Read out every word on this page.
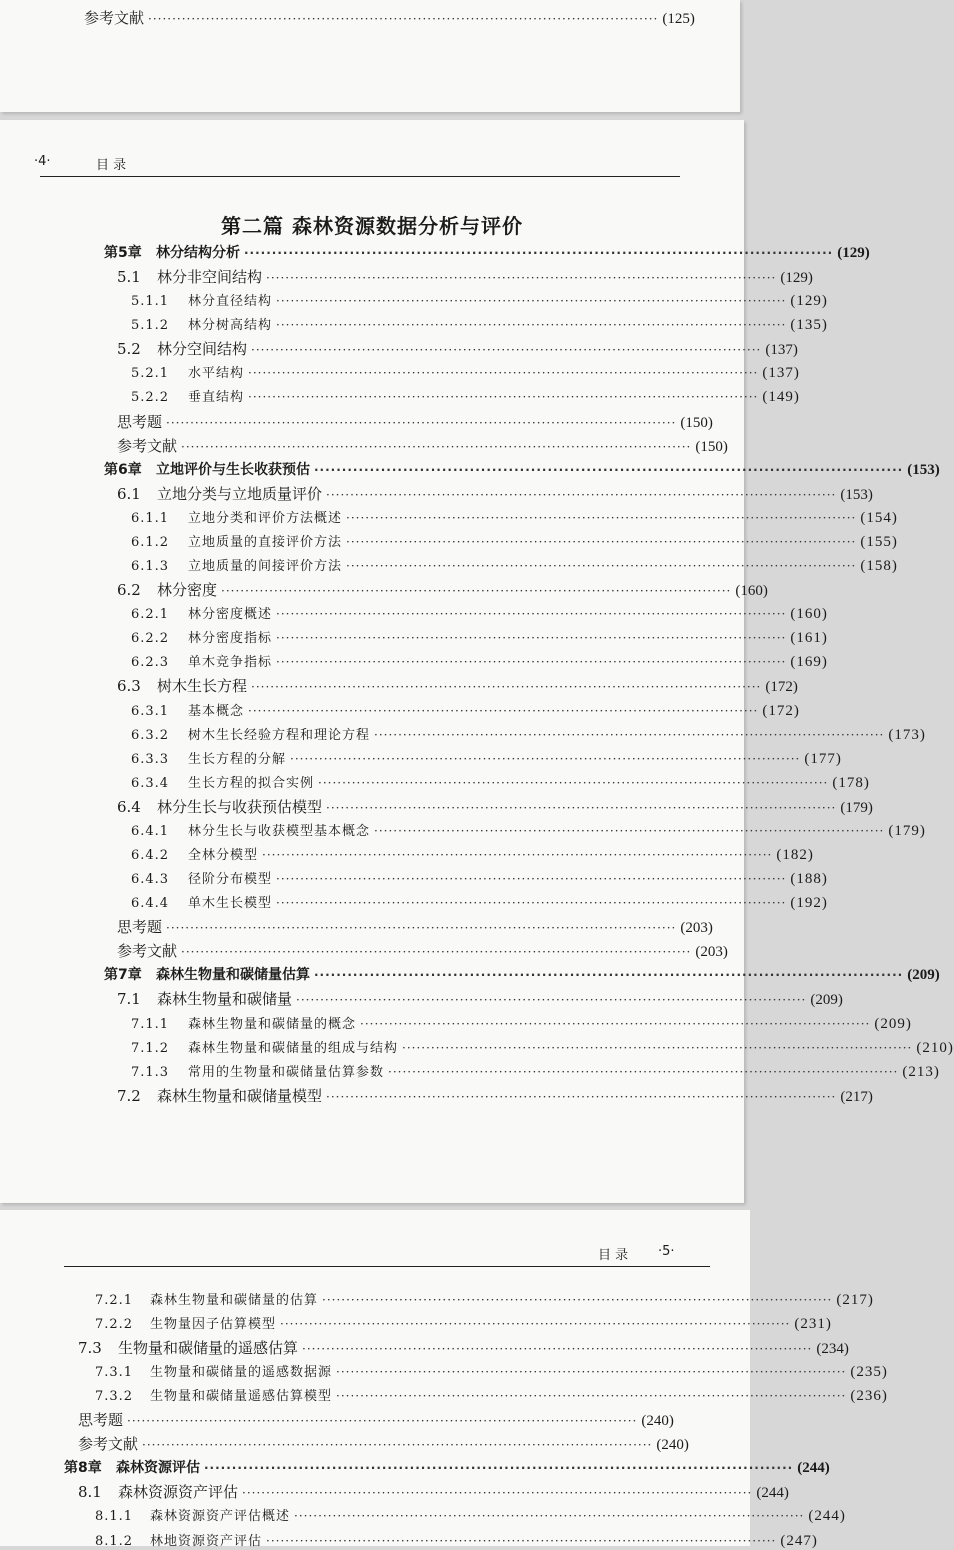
参考文献 ·········································································································· (125)
·4·	目 录
第二篇 森林资源数据分析与评价
第5章	林分结构分析 ·········································································································· (129)
5.1	林分非空间结构 ·········································································································· (129)
5.1.1	林分直径结构 ·········································································································· (129)
5.1.2	林分树高结构 ·········································································································· (135)
5.2	林分空间结构 ·········································································································· (137)
5.2.1	水平结构 ·········································································································· (137)
5.2.2	垂直结构 ·········································································································· (149)
思考题 ·········································································································· (150)
参考文献 ·········································································································· (150)
第6章	立地评价与生长收获预估 ·········································································································· (153)
6.1	立地分类与立地质量评价 ·········································································································· (153)
6.1.1	立地分类和评价方法概述 ·········································································································· (154)
6.1.2	立地质量的直接评价方法 ·········································································································· (155)
6.1.3	立地质量的间接评价方法 ·········································································································· (158)
6.2	林分密度 ·········································································································· (160)
6.2.1	林分密度概述 ·········································································································· (160)
6.2.2	林分密度指标 ·········································································································· (161)
6.2.3	单木竞争指标 ·········································································································· (169)
6.3	树木生长方程 ·········································································································· (172)
6.3.1	基本概念 ·········································································································· (172)
6.3.2	树木生长经验方程和理论方程 ·········································································································· (173)
6.3.3	生长方程的分解 ·········································································································· (177)
6.3.4	生长方程的拟合实例 ·········································································································· (178)
6.4	林分生长与收获预估模型 ·········································································································· (179)
6.4.1	林分生长与收获模型基本概念 ·········································································································· (179)
6.4.2	全林分模型 ·········································································································· (182)
6.4.3	径阶分布模型 ·········································································································· (188)
6.4.4	单木生长模型 ·········································································································· (192)
思考题 ·········································································································· (203)
参考文献 ·········································································································· (203)
第7章	森林生物量和碳储量估算 ·········································································································· (209)
7.1	森林生物量和碳储量 ·········································································································· (209)
7.1.1	森林生物量和碳储量的概念 ·········································································································· (209)
7.1.2	森林生物量和碳储量的组成与结构 ·········································································································· (210)
7.1.3	常用的生物量和碳储量估算参数 ·········································································································· (213)
7.2	森林生物量和碳储量模型 ·········································································································· (217)
目 录 ·5·
7.2.1	森林生物量和碳储量的估算 ·········································································································· (217)
7.2.2	生物量因子估算模型 ·········································································································· (231)
7.3	生物量和碳储量的遥感估算 ·········································································································· (234)
7.3.1	生物量和碳储量的遥感数据源 ·········································································································· (235)
7.3.2	生物量和碳储量遥感估算模型 ·········································································································· (236)
思考题 ·········································································································· (240)
参考文献 ·········································································································· (240)
第8章	森林资源评估 ·········································································································· (244)
8.1	森林资源资产评估 ·········································································································· (244)
8.1.1	森林资源资产评估概述 ·········································································································· (244)
8.1.2	林地资源资产评估 ·········································································································· (247)
